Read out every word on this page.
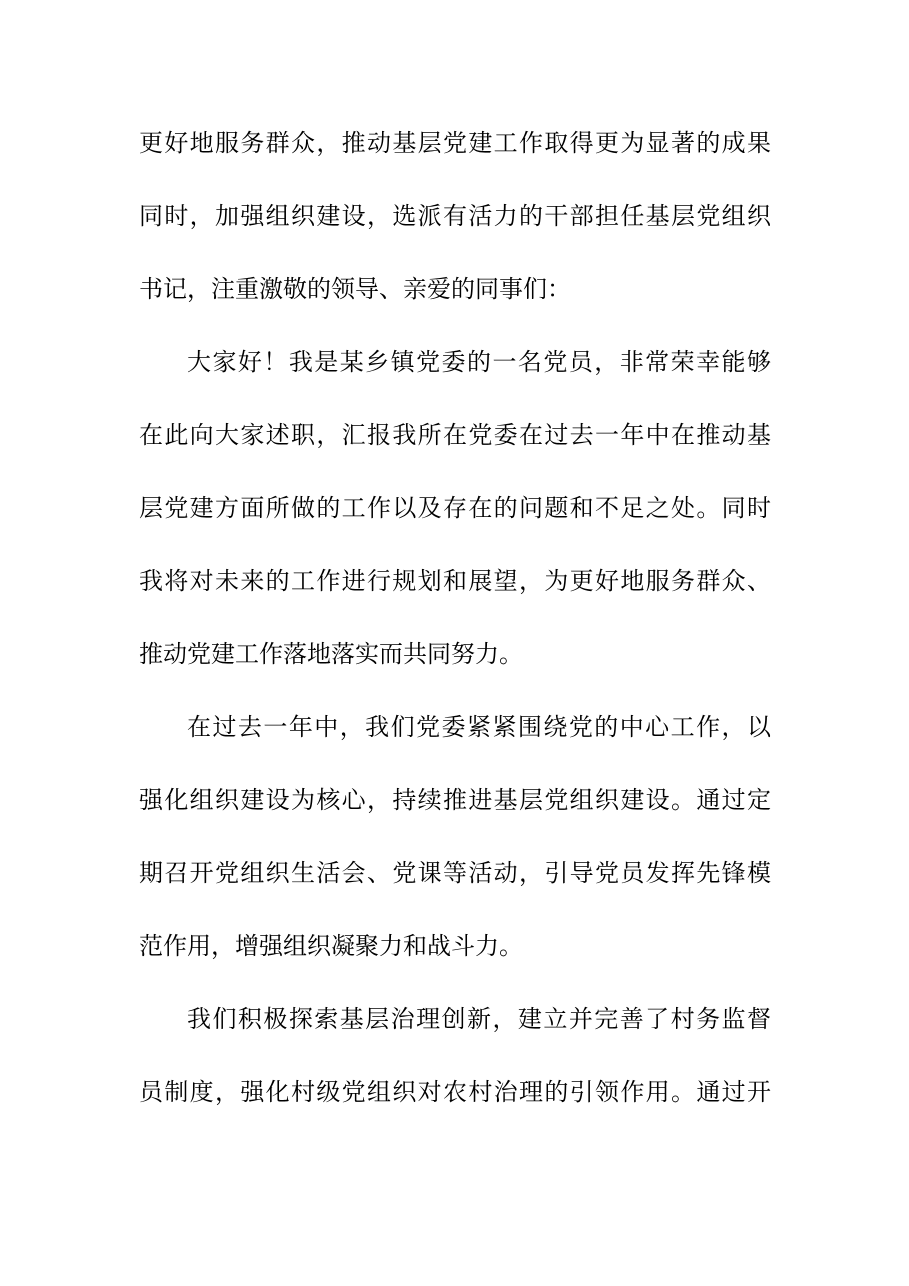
更好地服务群众，推动基层党建工作取得更为显著的成果
同时，加强组织建设，选派有活力的干部担任基层党组织
书记，注重激敬的领导、亲爱的同事们：
大家好！我是某乡镇党委的一名党员，非常荣幸能够
在此向大家述职，汇报我所在党委在过去一年中在推动基
层党建方面所做的工作以及存在的问题和不足之处。同时
我将对未来的工作进行规划和展望，为更好地服务群众、
推动党建工作落地落实而共同努力。
在过去一年中，我们党委紧紧围绕党的中心工作，以
强化组织建设为核心，持续推进基层党组织建设。通过定
期召开党组织生活会、党课等活动，引导党员发挥先锋模
范作用，增强组织凝聚力和战斗力。
我们积极探索基层治理创新，建立并完善了村务监督
员制度，强化村级党组织对农村治理的引领作用。通过开
